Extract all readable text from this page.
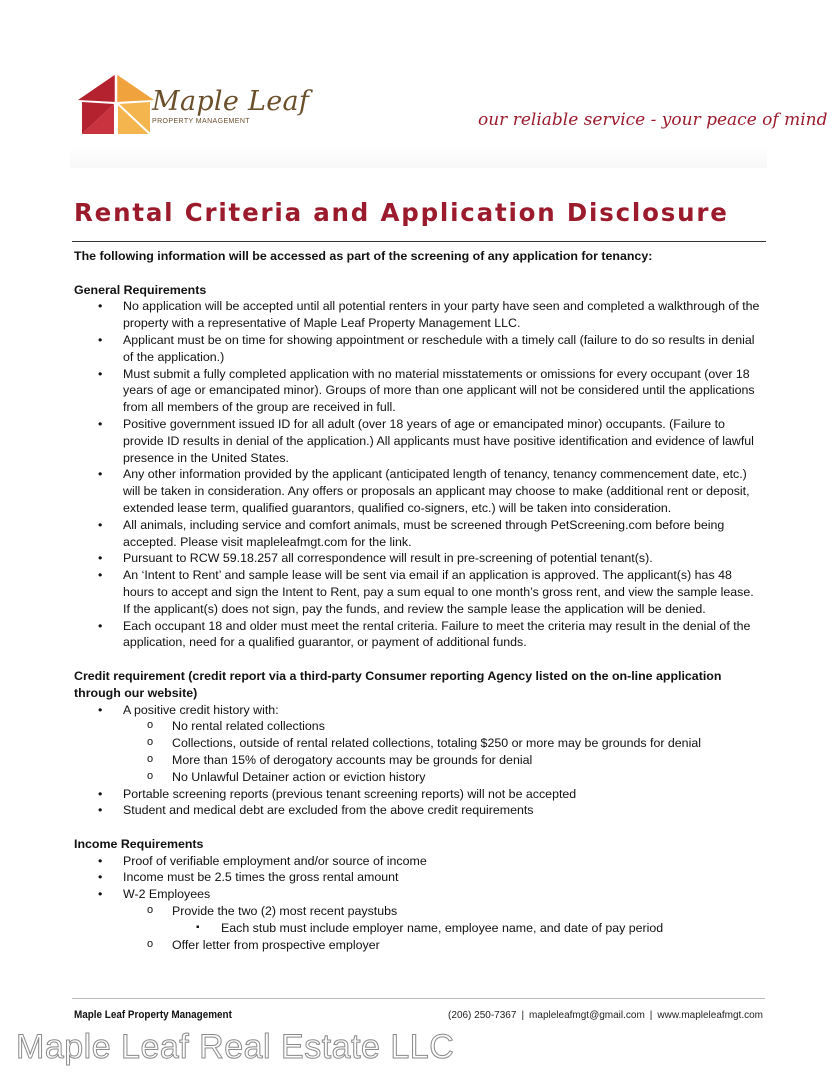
Maple Leaf
PROPERTY MANAGEMENT	our reliable service - your peace of mind
Rental Criteria and Application Disclosure

The following information will be accessed as part of the screening of any application for tenancy:

General Requirements

• No application will be accepted until all potential renters in your party have seen and completed a walkthrough of the property with a representative of Maple Leaf Property Management LLC.
• Applicant must be on time for showing appointment or reschedule with a timely call (failure to do so results in denial of the application.)
• Must submit a fully completed application with no material misstatements or omissions for every occupant (over 18 years of age or emancipated minor). Groups of more than one applicant will not be considered until the applications from all members of the group are received in full.
• Positive government issued ID for all adult (over 18 years of age or emancipated minor) occupants. (Failure to provide ID results in denial of the application.) All applicants must have positive identification and evidence of lawful presence in the United States.
• Any other information provided by the applicant (anticipated length of tenancy, tenancy commencement date, etc.) will be taken in consideration. Any offers or proposals an applicant may choose to make (additional rent or deposit, extended lease term, qualified guarantors, qualified co-signers, etc.) will be taken into consideration.
• All animals, including service and comfort animals, must be screened through PetScreening.com before being accepted. Please visit mapleleafmgt.com for the link.
• Pursuant to RCW 59.18.257 all correspondence will result in pre-screening of potential tenant(s).
• An ‘Intent to Rent’ and sample lease will be sent via email if an application is approved. The applicant(s) has 48 hours to accept and sign the Intent to Rent, pay a sum equal to one month’s gross rent, and view the sample lease. If the applicant(s) does not sign, pay the funds, and review the sample lease the application will be denied.
• Each occupant 18 and older must meet the rental criteria. Failure to meet the criteria may result in the denial of the application, need for a qualified guarantor, or payment of additional funds.

Credit requirement (credit report via a third-party Consumer reporting Agency listed on the on-line application through our website)

• A positive credit history with:
o No rental related collections
o Collections, outside of rental related collections, totaling $250 or more may be grounds for denial
o More than 15% of derogatory accounts may be grounds for denial
o No Unlawful Detainer action or eviction history
• Portable screening reports (previous tenant screening reports) will not be accepted
• Student and medical debt are excluded from the above credit requirements

Income Requirements

• Proof of verifiable employment and/or source of income
• Income must be 2.5 times the gross rental amount
• W-2 Employees
o Provide the two (2) most recent paystubs
▪ Each stub must include employer name, employee name, and date of pay period
o Offer letter from prospective employer
Maple Leaf Property Management	(206) 250-7367 | mapleleafmgt@gmail.com | www.mapleleafmgt.com
Maple Leaf Real Estate LLC
